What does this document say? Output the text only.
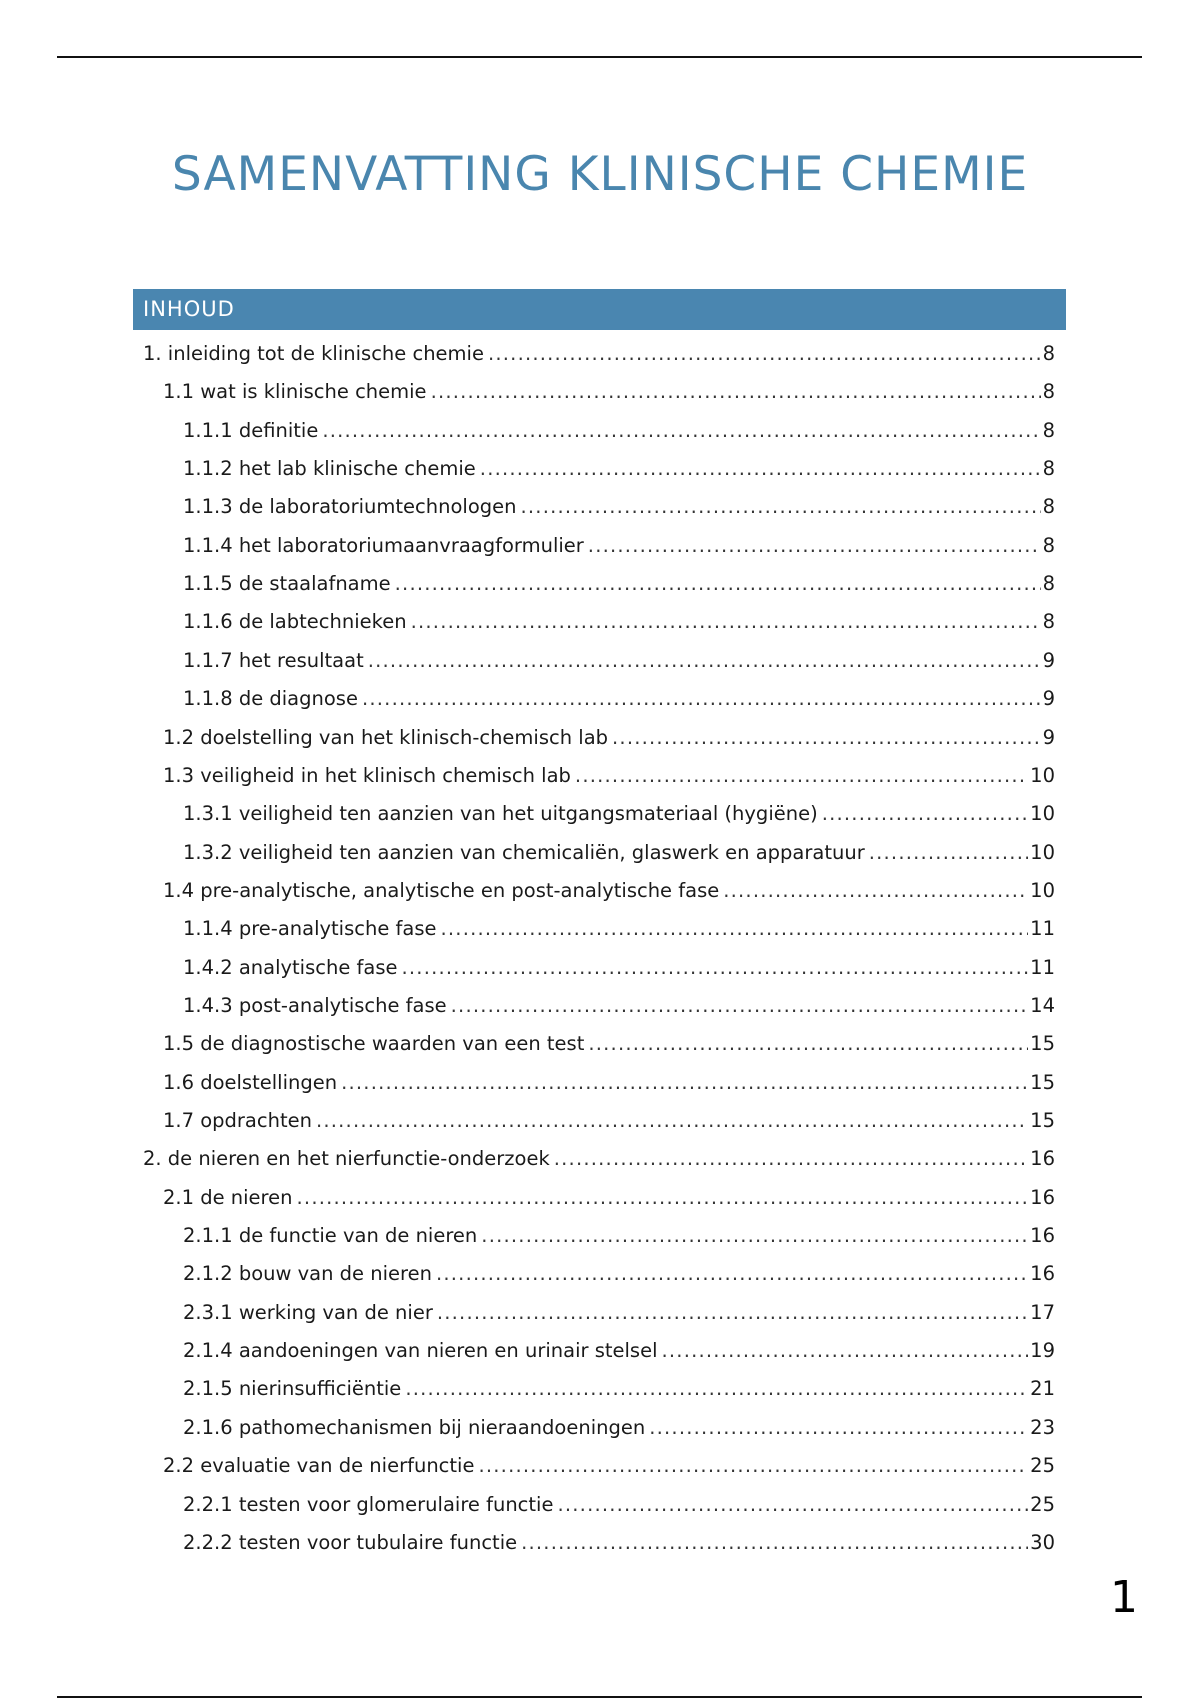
SAMENVATTING KLINISCHE CHEMIE
INHOUD
1. inleiding tot de klinische chemie .....	8
1.1 wat is klinische chemie .....	8
1.1.1 definitie .....	8
1.1.2 het lab klinische chemie .....	8
1.1.3 de laboratoriumtechnologen .....	8
1.1.4 het laboratoriumaanvraagformulier .....	8
1.1.5 de staalafname .....	8
1.1.6 de labtechnieken .....	8
1.1.7 het resultaat .....	9
1.1.8 de diagnose .....	9
1.2 doelstelling van het klinisch-chemisch lab .....	9
1.3 veiligheid in het klinisch chemisch lab .....	10
1.3.1 veiligheid ten aanzien van het uitgangsmateriaal (hygiëne) .....	10
1.3.2 veiligheid ten aanzien van chemicaliën, glaswerk en apparatuur .....	10
1.4 pre-analytische, analytische en post-analytische fase .....	10
1.1.4 pre-analytische fase .....	11
1.4.2 analytische fase .....	11
1.4.3 post-analytische fase .....	14
1.5 de diagnostische waarden van een test .....	15
1.6 doelstellingen .....	15
1.7 opdrachten .....	15
2. de nieren en het nierfunctie-onderzoek .....	16
2.1 de nieren .....	16
2.1.1 de functie van de nieren .....	16
2.1.2 bouw van de nieren .....	16
2.3.1 werking van de nier .....	17
2.1.4 aandoeningen van nieren en urinair stelsel .....	19
2.1.5 nierinsufficiëntie .....	21
2.1.6 pathomechanismen bij nieraandoeningen .....	23
2.2 evaluatie van de nierfunctie .....	25
2.2.1 testen voor glomerulaire functie .....	25
2.2.2 testen voor tubulaire functie .....	30
1
